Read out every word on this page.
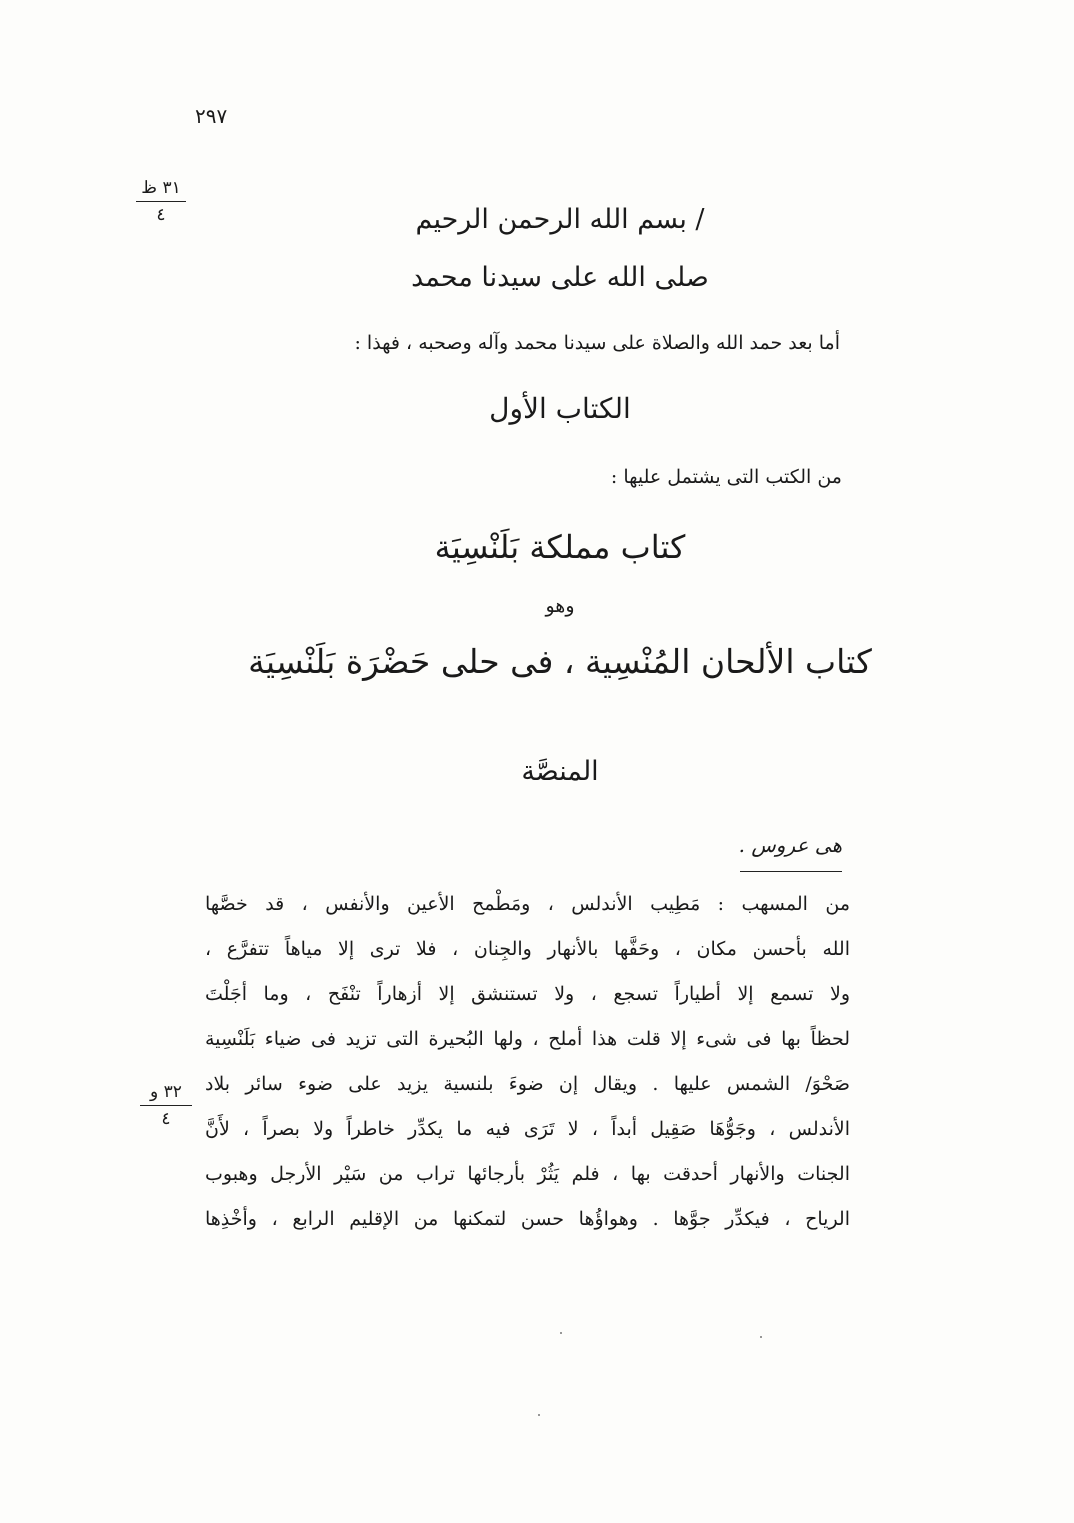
٢٩٧
٣١ ظ
٤	/ بسم الله الرحمن الرحيم
صلى الله على سيدنا محمد
أما بعد حمد الله والصلاة على سيدنا محمد وآله وصحبه ، فهذا :
الكتاب الأول
من الكتب التى يشتمل عليها :
كتاب مملكة بَلَنْسِيَة
وهو
كتاب الألحان المُنْسِية ، فى حلى حَضْرَة بَلَنْسِيَة
المنصَّة
هى عروس .
من المسهب : مَطِيب الأندلس ، ومَطْمح الأعين والأنفس ، قد خصَّها
الله بأحسن مكان ، وحَفَّها بالأنهار والجِنان ، فلا ترى إلا مياهاً تتفرَّع ،
ولا تسمع إلا أطياراً تسجع ، ولا تستنشق إلا أزهاراً تنْفَح ، وما أجَلْتَ
لحظاً بها فى شىء إلا قلت هذا أملح ، ولها البُحيرة التى تزيد فى ضياء بَلَنْسِية
صَحْوَ/ الشمس عليها . ويقال إن ضوءَ بلنسية يزيد على ضوء سائر بلاد
الأندلس ، وجَوُّهَا صَقِيل أبداً ، لا تَرَى فيه ما يكدِّر خاطراً ولا بصراً ، لأَنَّ
الجنات والأنهار أحدقت بها ، فلم يَثُرْ بأرجائها تراب من سَيْر الأرجل وهبوب
الرياح ، فيكدِّر جوَّها . وهواؤُها حسن لتمكنها من الإقليم الرابع ، وأخْذِها
٣٢ و
٤
